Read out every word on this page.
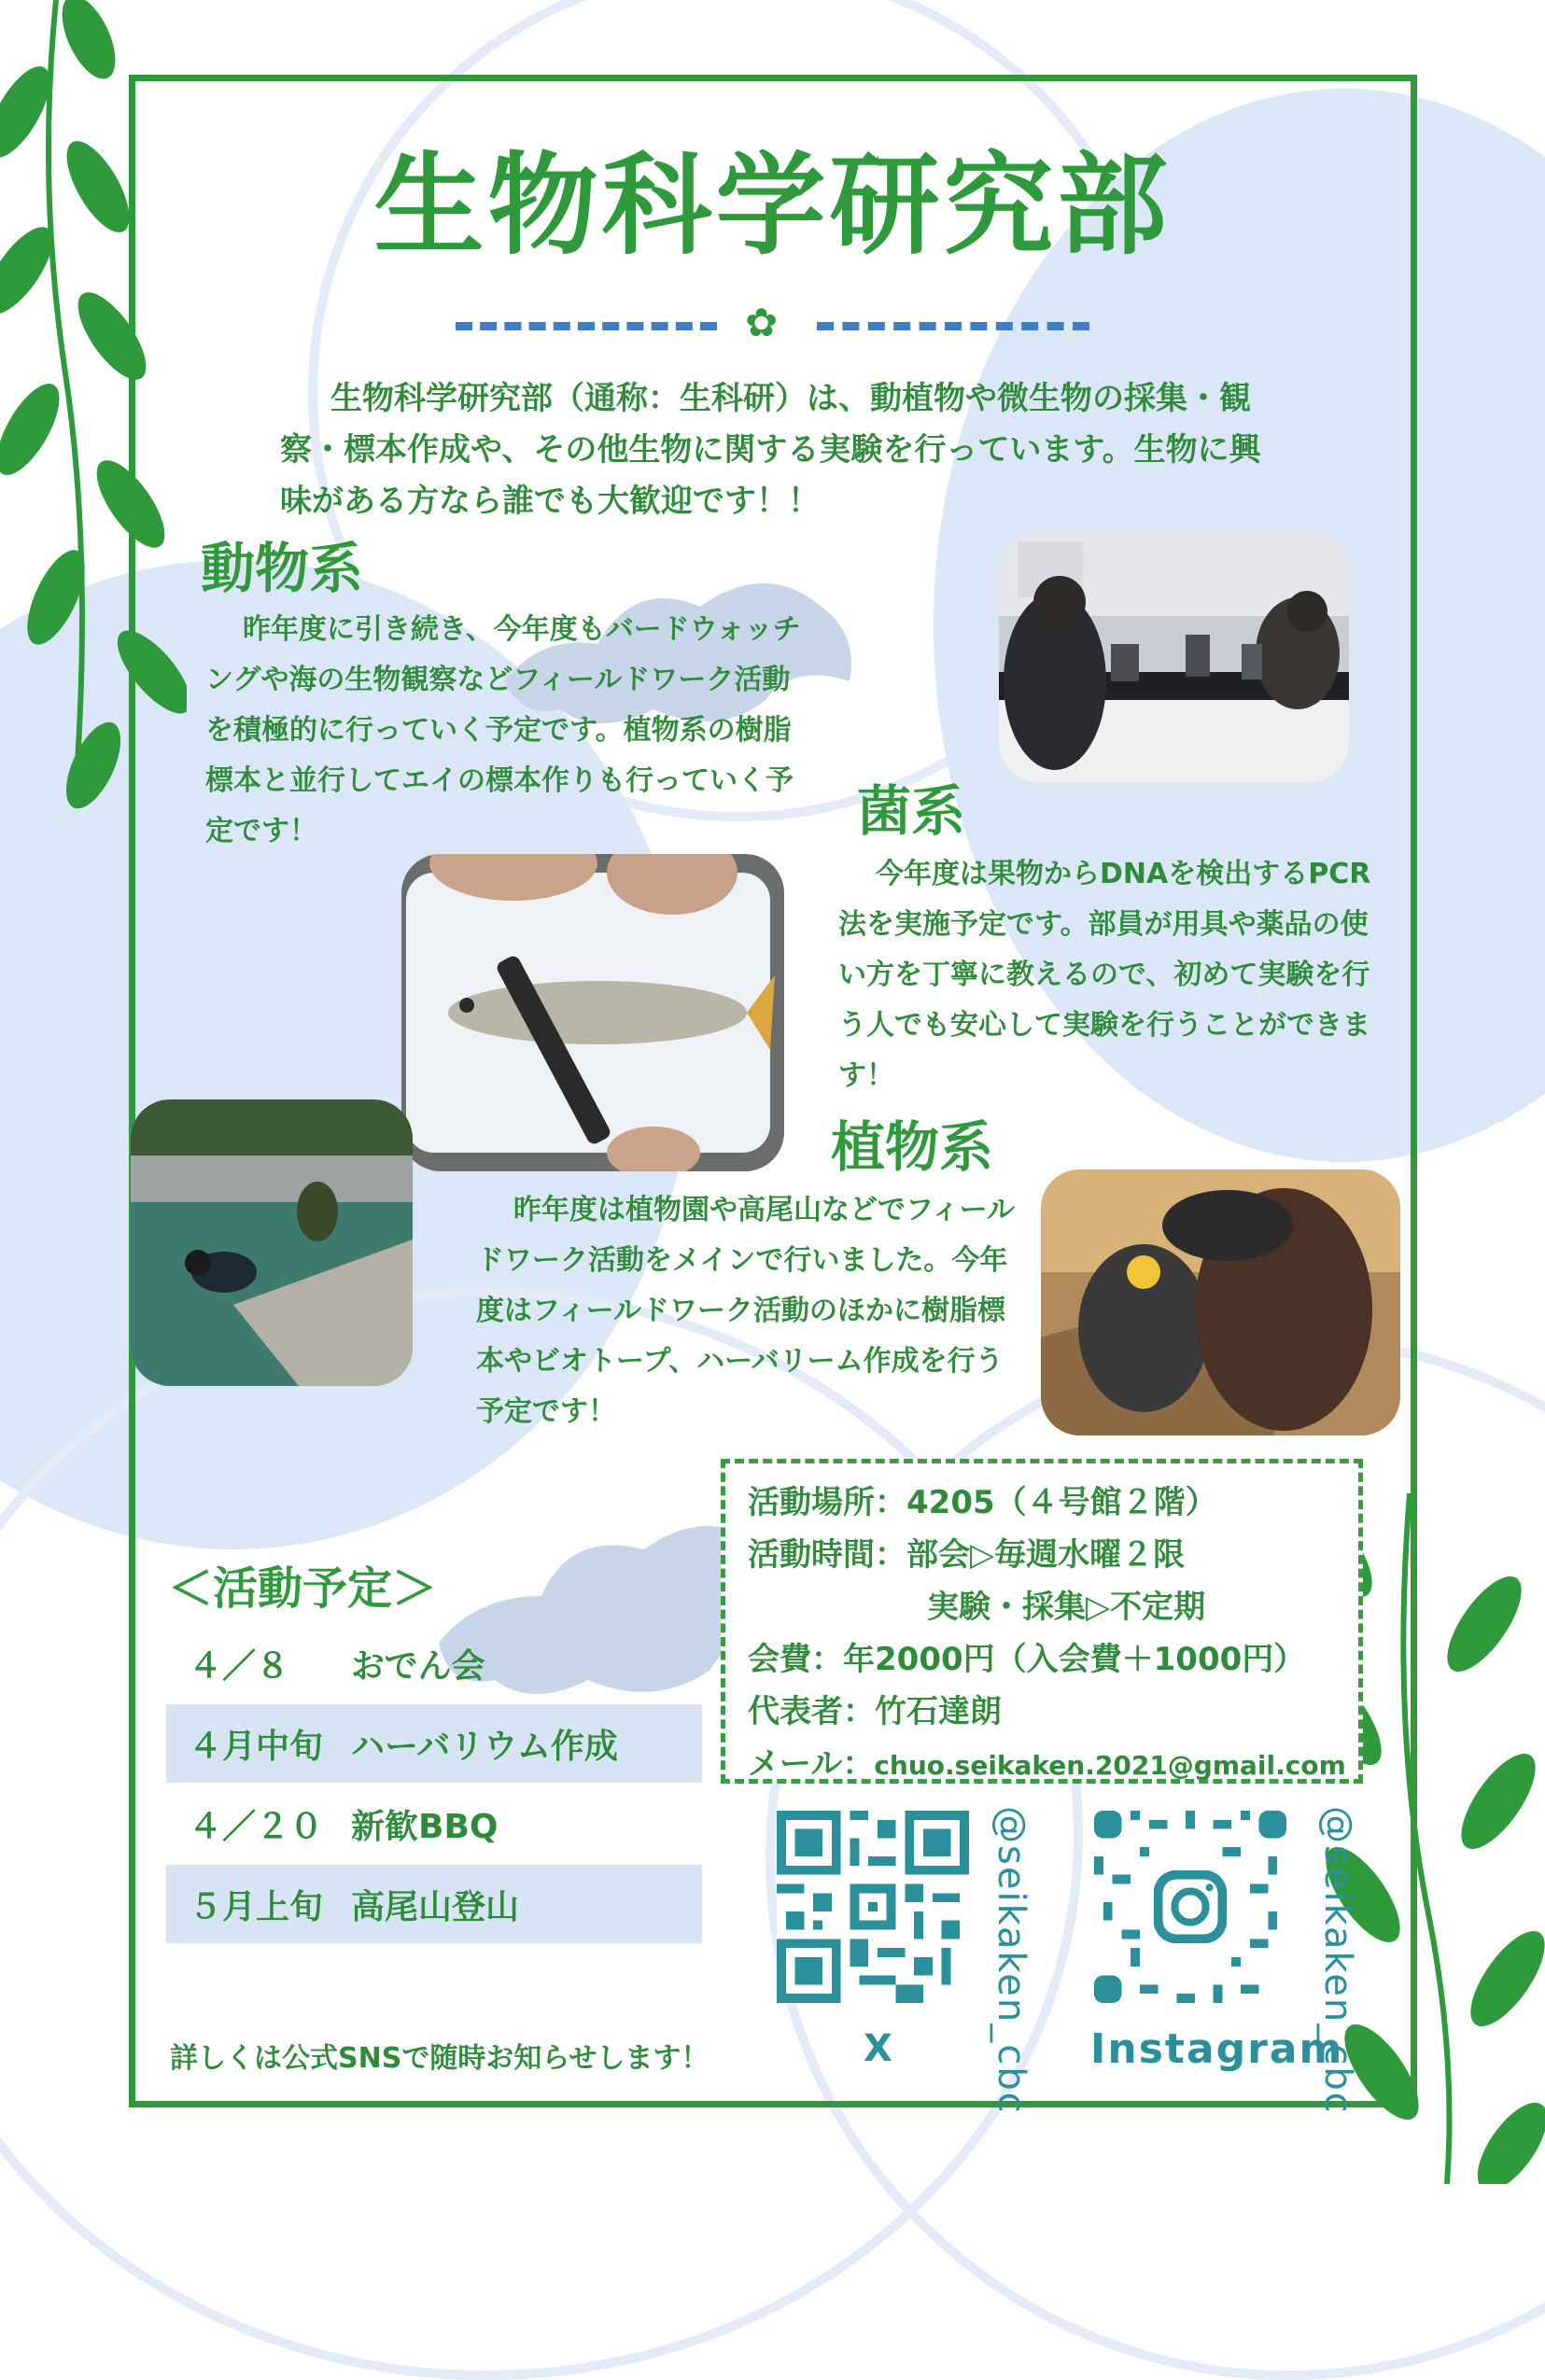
生物科学研究部
✿
生物科学研究部（通称：生科研）は、動植物や微生物の採集・観察・標本作成や、その他生物に関する実験を行っています。生物に興味がある方なら誰でも大歓迎です！！
動物系
昨年度に引き続き、今年度もバードウォッチングや海の生物観察などフィールドワーク活動を積極的に行っていく予定です。植物系の樹脂標本と並行してエイの標本作りも行っていく予定です！	菌系
今年度は果物からDNAを検出するPCR法を実施予定です。部員が用具や薬品の使い方を丁寧に教えるので、初めて実験を行う人でも安心して実験を行うことができます！
植物系
昨年度は植物園や高尾山などでフィールドワーク活動をメインで行いました。今年度はフィールドワーク活動のほかに樹脂標本やビオトープ、ハーバリーム作成を行う予定です！
＜活動予定＞
４／８	おでん会
４月中旬 ハーバリウム作成
４／２０ 新歓BBQ
５月上旬 高尾山登山
活動場所：4205（４号館２階）
活動時間：部会▷毎週水曜２限
実験・採集▷不定期
会費：年2000円（入会費＋1000円）
代表者：竹石達朗
メール：chuo.seikaken.2021@gmail.com
@seikaken_cbc
X	@seikaken_cbc
Instagram
詳しくは公式SNSで随時お知らせします！
